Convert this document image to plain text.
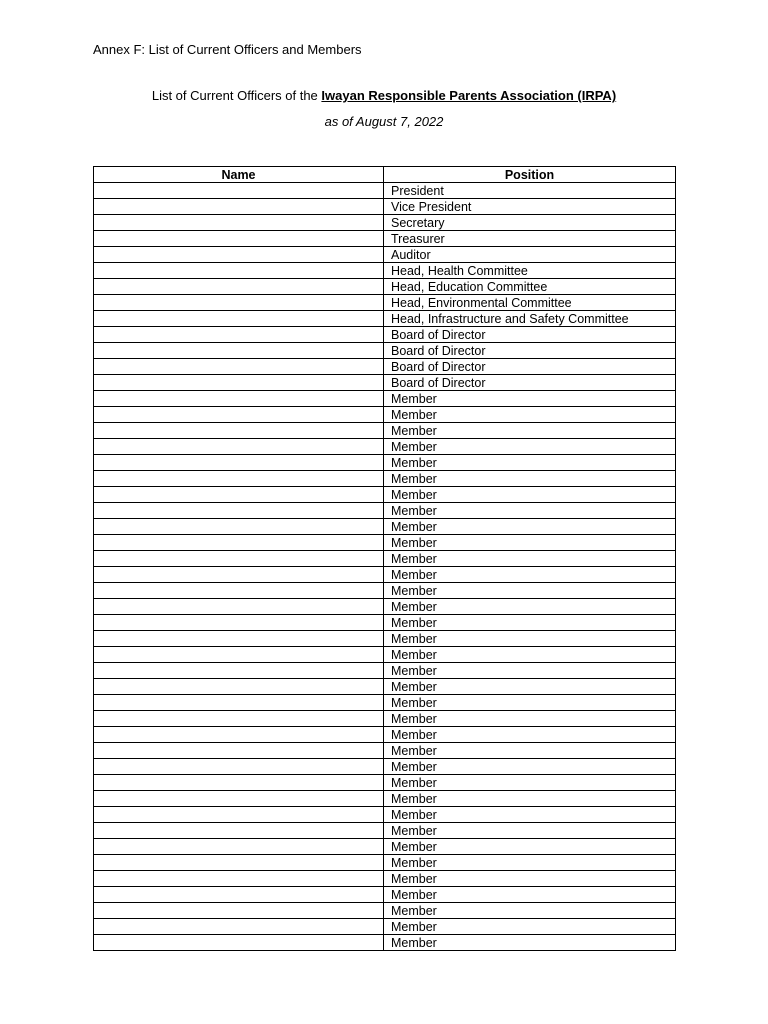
Annex F: List of Current Officers and Members
List of Current Officers of the Iwayan Responsible Parents Association (IRPA)
as of August 7, 2022
Name	Position
	President
	Vice President
	Secretary
	Treasurer
	Auditor
	Head, Health Committee
	Head, Education Committee
	Head, Environmental Committee
	Head, Infrastructure and Safety Committee
	Board of Director
	Board of Director
	Board of Director
	Board of Director
	Member
	Member
	Member
	Member
	Member
	Member
	Member
	Member
	Member
	Member
	Member
	Member
	Member
	Member
	Member
	Member
	Member
	Member
	Member
	Member
	Member
	Member
	Member
	Member
	Member
	Member
	Member
	Member
	Member
	Member
	Member
	Member
	Member
	Member
	Member
